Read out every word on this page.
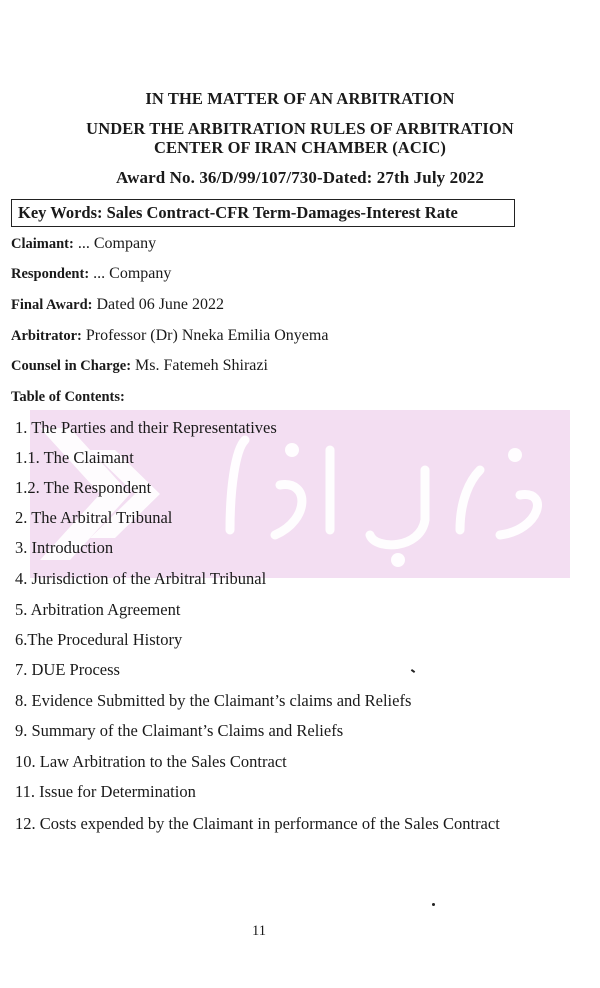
IN THE MATTER OF AN ARBITRATION
UNDER THE ARBITRATION RULES OF ARBITRATION
CENTER OF IRAN CHAMBER (ACIC)
Award No. 36/D/99/107/730-Dated: 27th July 2022
Key Words: Sales Contract-CFR Term-Damages-Interest Rate
Claimant: ... Company
Respondent: ... Company
Final Award: Dated 06 June 2022
Arbitrator: Professor (Dr) Nneka Emilia Onyema
Counsel in Charge: Ms. Fatemeh Shirazi
Table of Contents:
1. The Parties and their Representatives
1.1. The Claimant
1.2. The Respondent
2. The Arbitral Tribunal
3. Introduction
4. Jurisdiction of the Arbitral Tribunal
5. Arbitration Agreement
6.The Procedural History
7. DUE Process
8. Evidence Submitted by the Claimant’s claims and Reliefs
9. Summary of the Claimant’s Claims and Reliefs
10. Law Arbitration to the Sales Contract
11. Issue for Determination
12. Costs expended by the Claimant in performance of the Sales Contract
11
